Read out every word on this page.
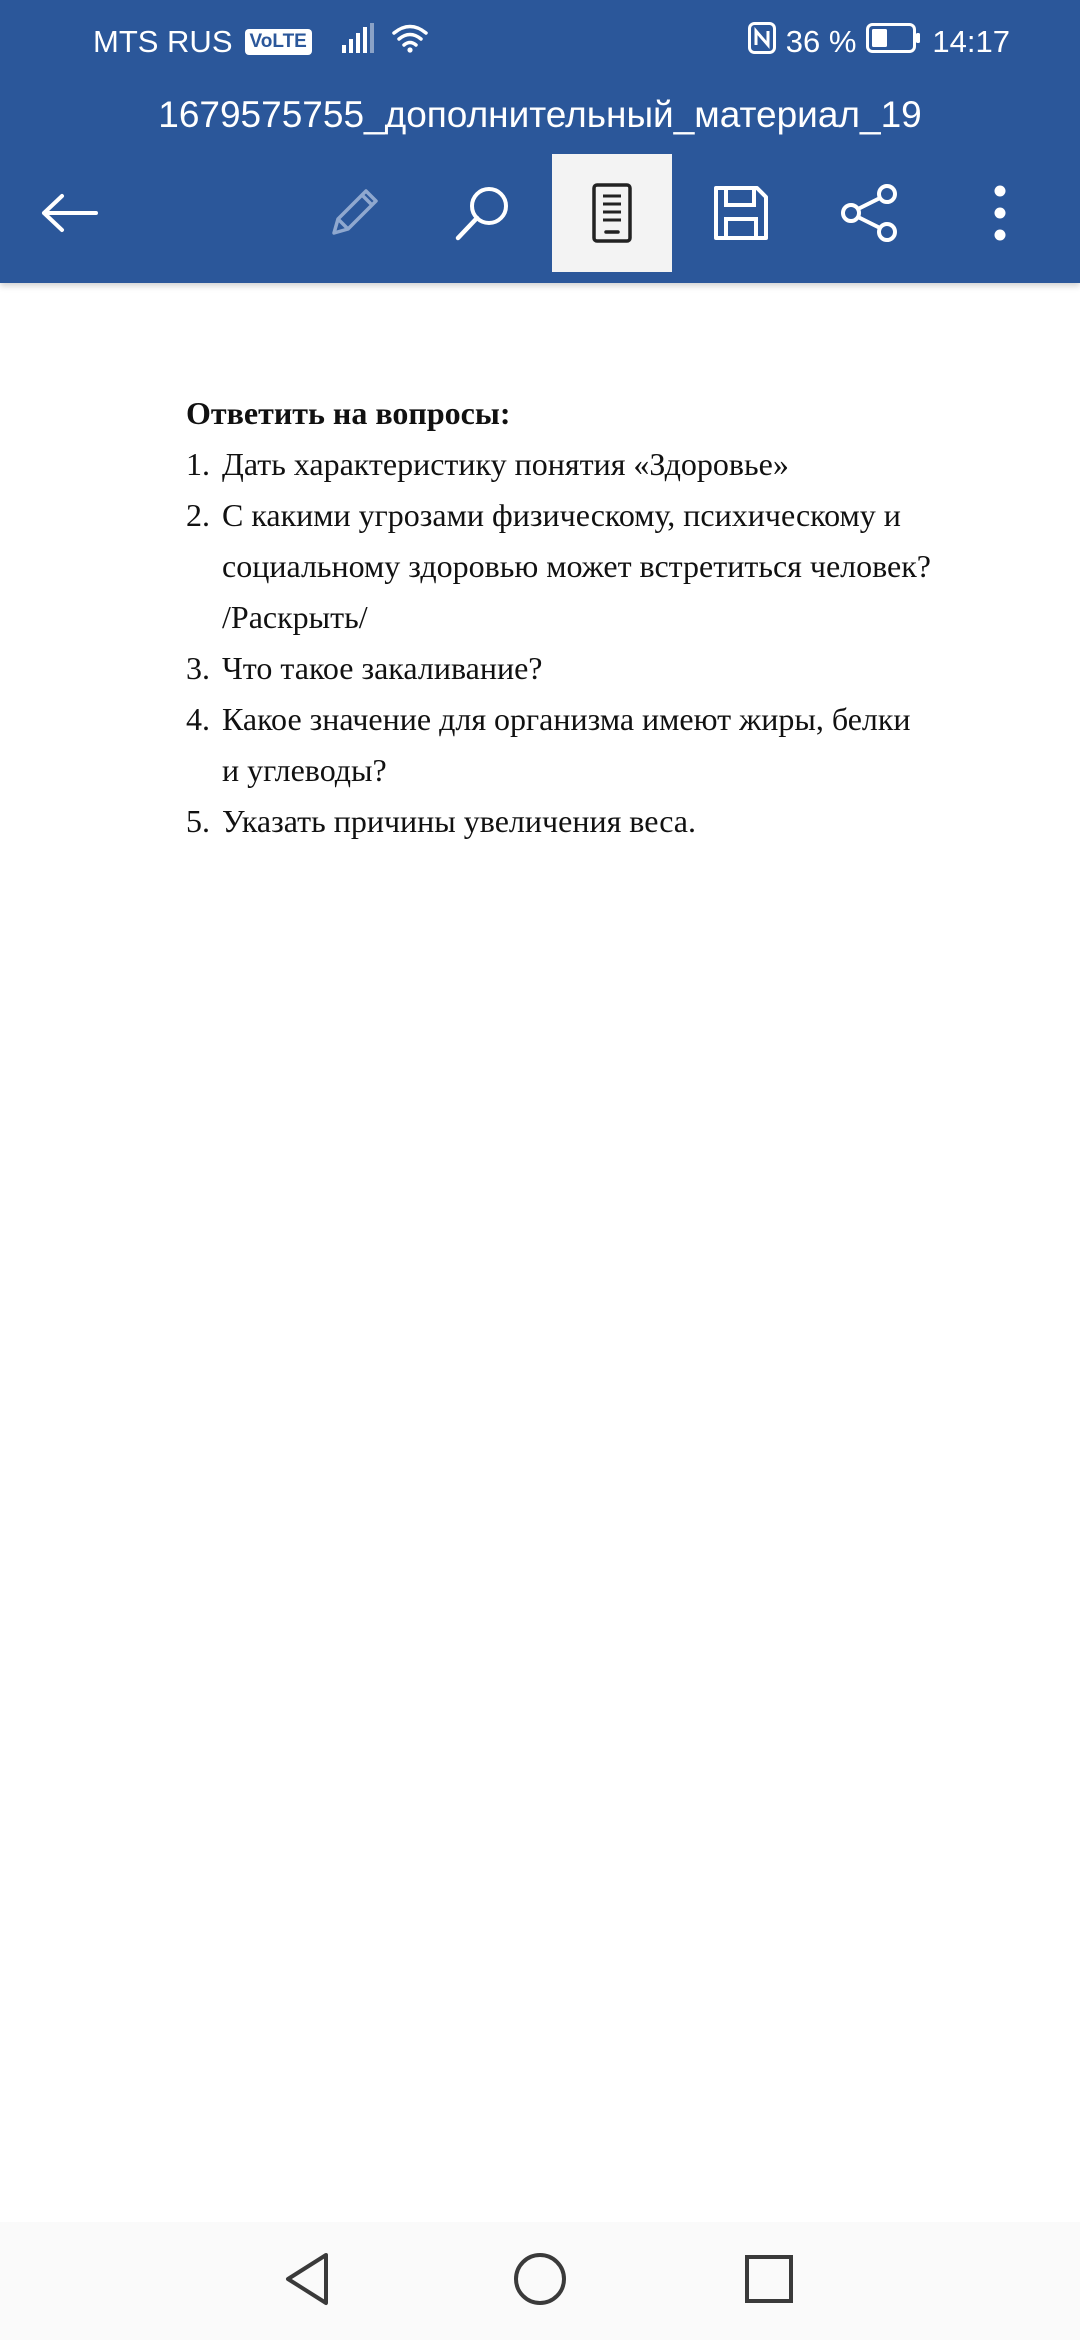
MTS RUS VoLTE	36 % 14:17
1679575755_дополнительный_материал_19
Ответить на вопросы:
1. Дать характеристику понятия «Здоровье»
2. С какими угрозами физическому, психическому и
социальному здоровью может встретиться человек?
/Раскрыть/
3. Что такое закаливание?
4. Какое значение для организма имеют жиры, белки
и углеводы?
5. Указать причины увеличения веса.
